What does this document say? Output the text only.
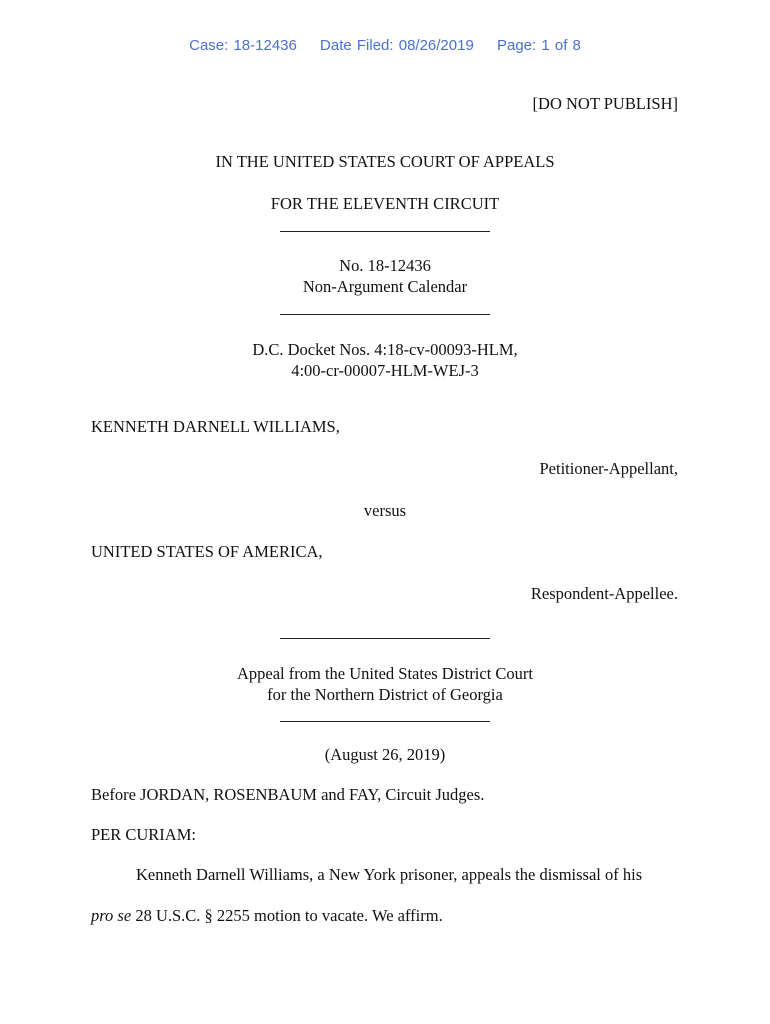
Case: 18-12436 Date Filed: 08/26/2019 Page: 1 of 8
[DO NOT PUBLISH]
IN THE UNITED STATES COURT OF APPEALS
FOR THE ELEVENTH CIRCUIT
No. 18-12436
Non-Argument Calendar
D.C. Docket Nos. 4:18-cv-00093-HLM,
4:00-cr-00007-HLM-WEJ-3
KENNETH DARNELL WILLIAMS,
Petitioner-Appellant,
versus
UNITED STATES OF AMERICA,
Respondent-Appellee.
Appeal from the United States District Court
for the Northern District of Georgia
(August 26, 2019)
Before JORDAN, ROSENBAUM and FAY, Circuit Judges.
PER CURIAM:
Kenneth Darnell Williams, a New York prisoner, appeals the dismissal of his
pro se 28 U.S.C. § 2255 motion to vacate. We affirm.
